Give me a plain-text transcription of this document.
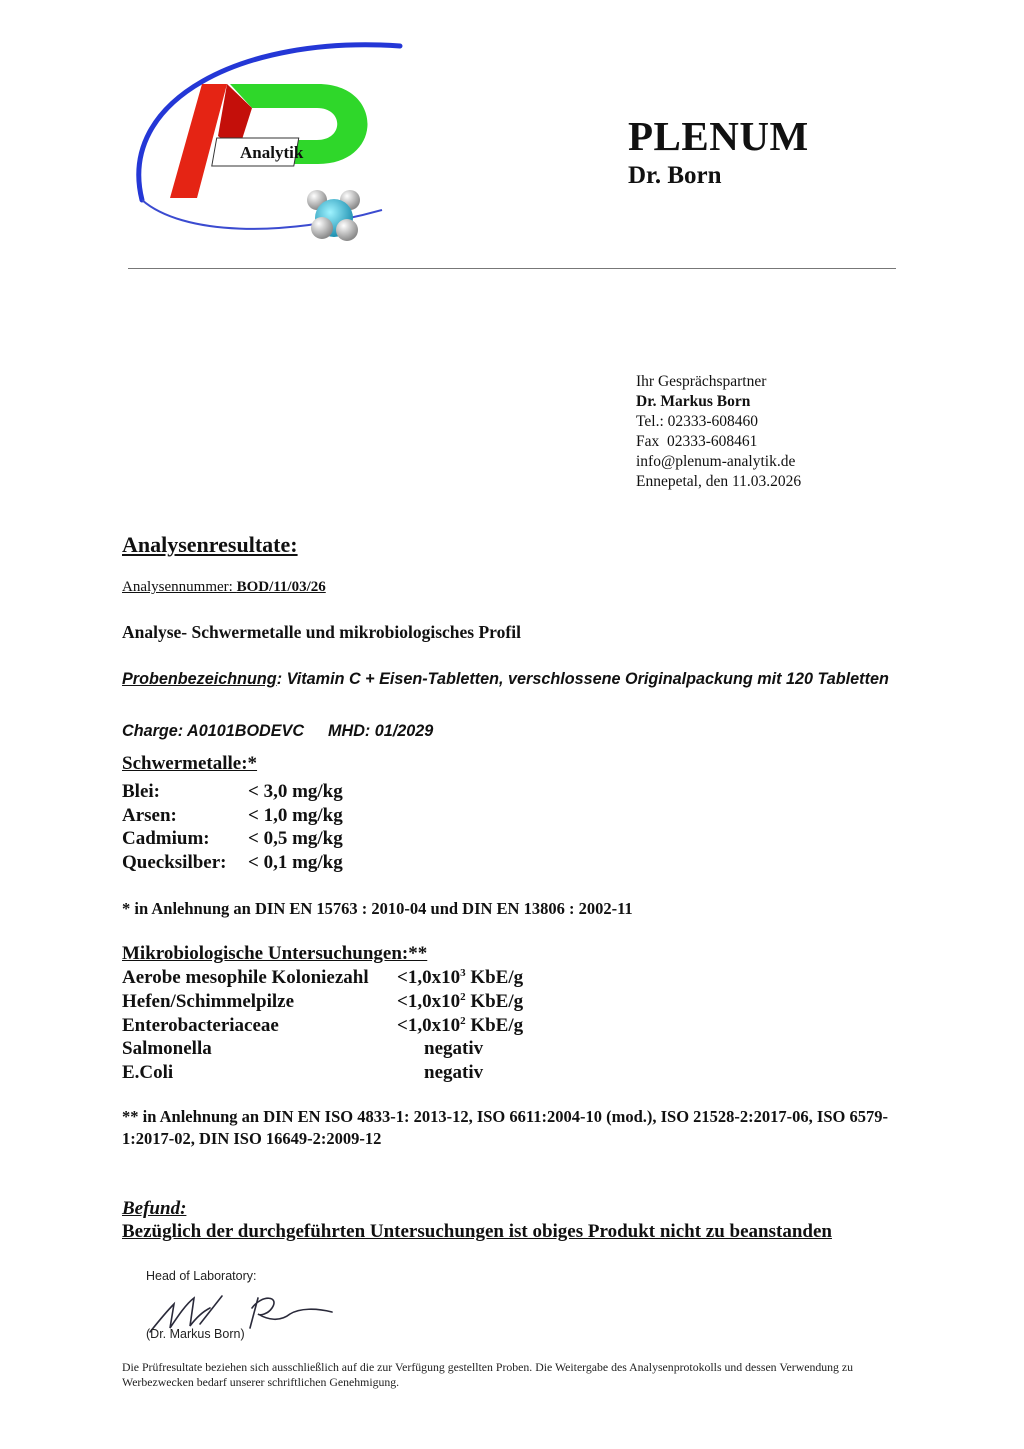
Analytik	PLENUM
Dr. Born
Ihr Gesprächspartner
Dr. Markus Born
Tel.: 02333-608460
Fax  02333-608461
info@plenum-analytik.de
Ennepetal, den 11.03.2026
Analysenresultate:
Analysennummer: BOD/11/03/26
Analyse- Schwermetalle und mikrobiologisches Profil
Probenbezeichnung: Vitamin C + Eisen-Tabletten, verschlossene Originalpackung mit 120 Tabletten
Charge: A0101BODEVC MHD: 01/2029
Schwermetalle:*
Blei:	< 3,0 mg/kg
Arsen:	< 1,0 mg/kg
Cadmium:	< 0,5 mg/kg
Quecksilber:	< 0,1 mg/kg
* in Anlehnung an DIN EN 15763 : 2010-04 und DIN EN 13806 : 2002-11
Mikrobiologische Untersuchungen:**
Aerobe mesophile Koloniezahl	$<1,0x10^3$ KbE/g
Hefen/Schimmelpilze	$<1,0x10^2$ KbE/g
Enterobacteriaceae	$<1,0x10^2$ KbE/g
Salmonella	negativ
E.Coli	negativ
** in Anlehnung an DIN EN ISO 4833-1: 2013-12, ISO 6611:2004-10 (mod.), ISO 21528-2:2017-06, ISO 6579-1:2017-02, DIN ISO 16649-2:2009-12
Befund:
Bezüglich der durchgeführten Untersuchungen ist obiges Produkt nicht zu beanstanden
Head of Laboratory:
(Dr. Markus Born)
Die Prüfresultate beziehen sich ausschließlich auf die zur Verfügung gestellten Proben. Die Weitergabe des Analysenprotokolls und dessen Verwendung zu Werbezwecken bedarf unserer schriftlichen Genehmigung.
